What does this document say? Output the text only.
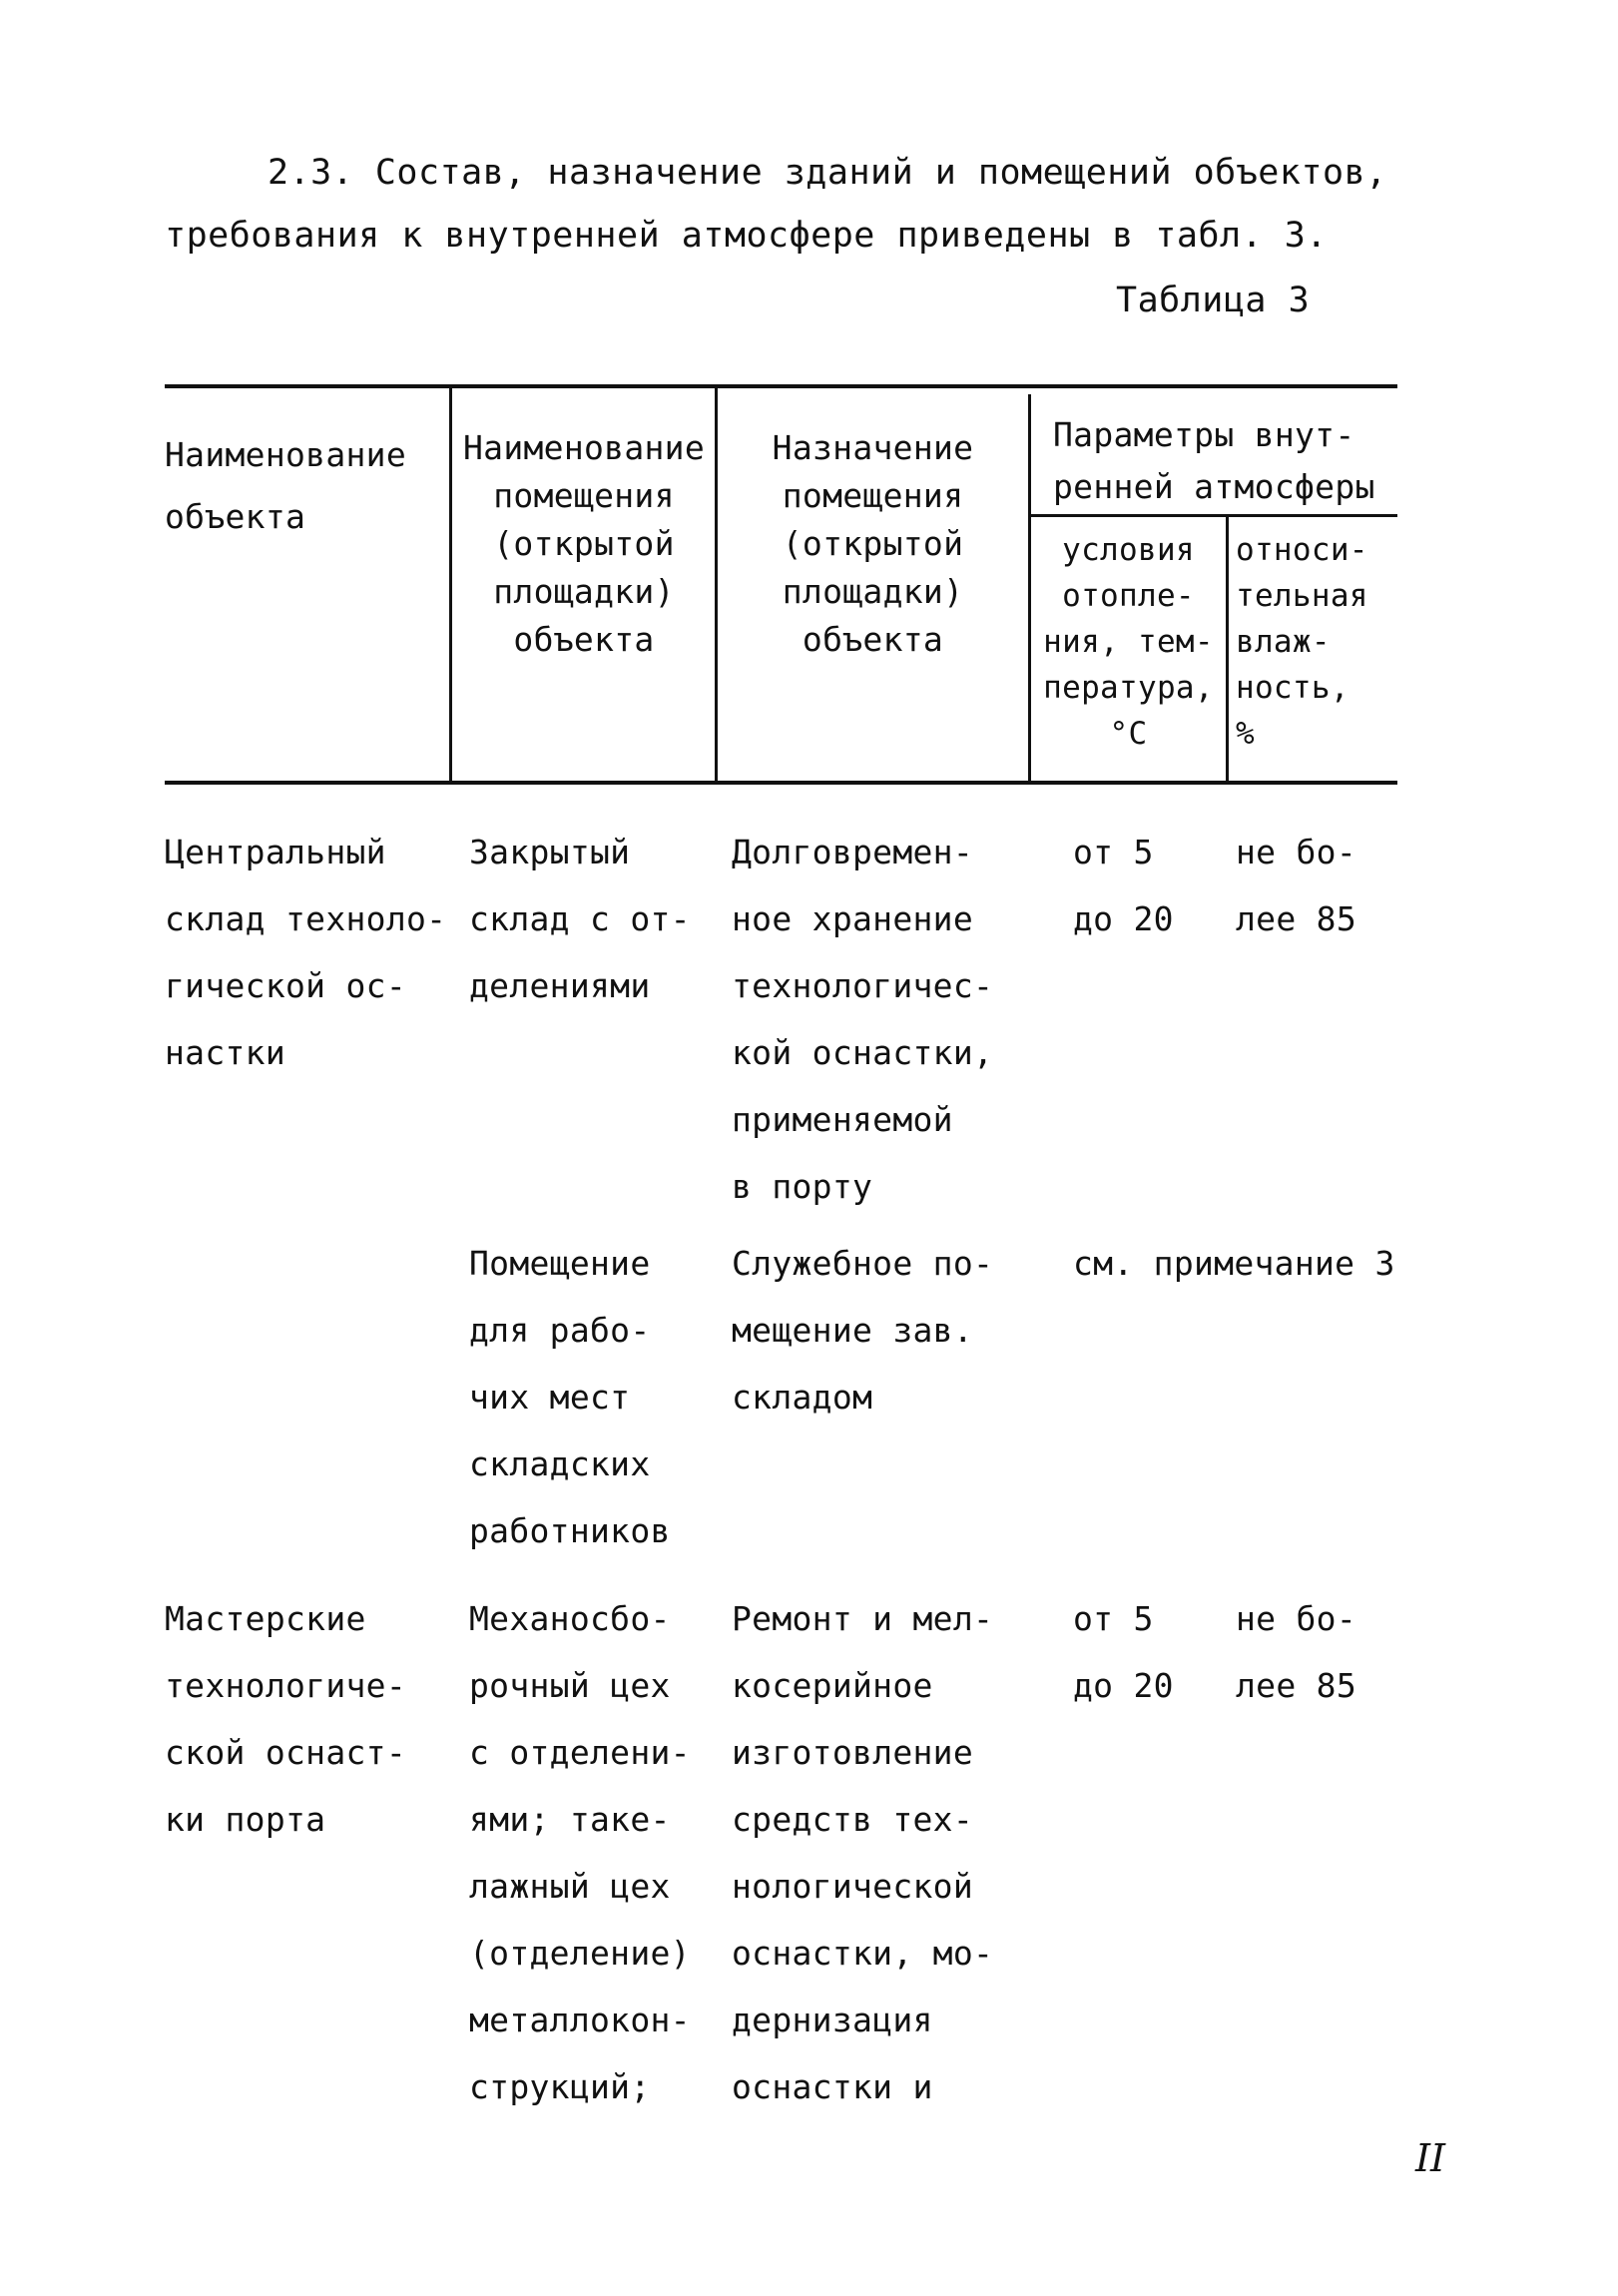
2.3. Состав, назначение зданий и помещений объектов,
требования к внутренней атмосфере приведены в табл. 3.
Таблица 3
Наименование
объекта
Наименование
помещения
(открытой
площадки)
объекта
Назначение
помещения
(открытой
площадки)
объекта
Параметры внут-
ренней атмосферы
условия
отопле-
ния, тем-
пература,
°C
относи-
тельная
влаж-
ность,
%
Центральный
склад техноло-
гической ос-
настки
Закрытый
склад с от-
делениями
Долговремен-
ное хранение
технологичес-
кой оснастки,
применяемой
в порту
от 5
до 20
не бо-
лее 85
Помещение
для рабо-
чих мест
складских
работников
Служебное по-
мещение зав.
складом
см. примечание 3
Мастерские
технологиче-
ской оснаст-
ки порта
Механосбо-
рочный цех
с отделени-
ями; таке-
лажный цех
(отделение)
металлокон-
струкций;
Ремонт и мел-
косерийное
изготовление
средств тех-
нологической
оснастки, мо-
дернизация
оснастки и
от 5
до 20
не бо-
лее 85
II
